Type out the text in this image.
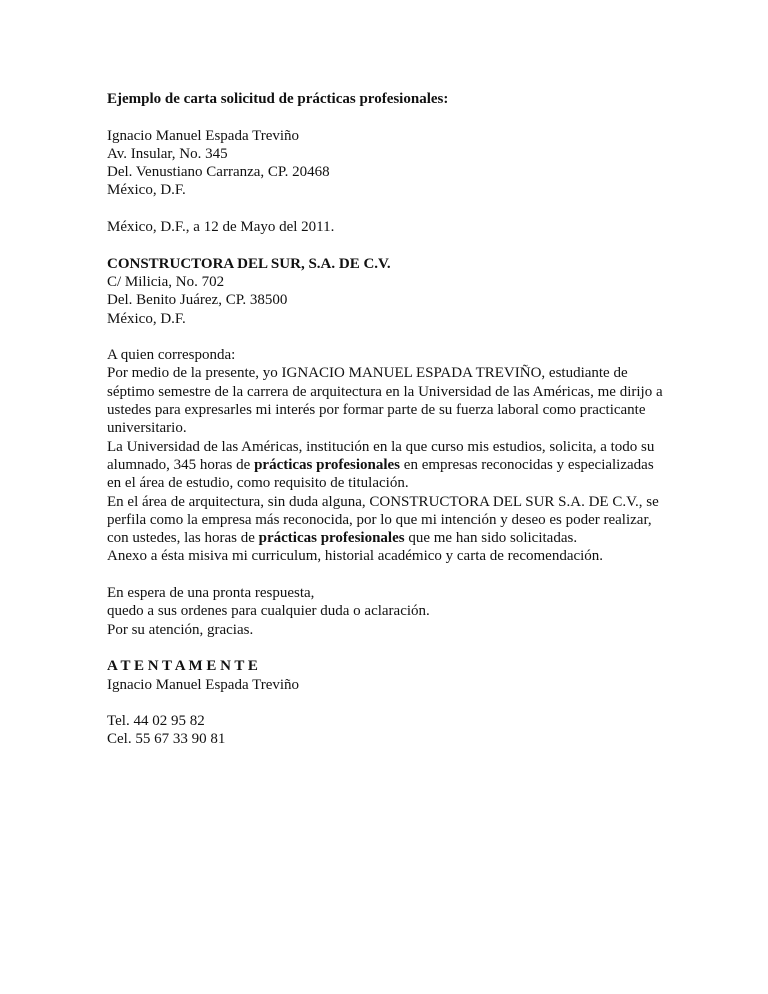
Ejemplo de carta solicitud de prácticas profesionales:

Ignacio Manuel Espada Treviño
Av. Insular, No. 345
Del. Venustiano Carranza, CP. 20468
México, D.F.

México, D.F., a 12 de Mayo del 2011.

CONSTRUCTORA DEL SUR, S.A. DE C.V.
C/ Milicia, No. 702
Del. Benito Juárez, CP. 38500
México, D.F.

A quien corresponda:

Por medio de la presente, yo IGNACIO MANUEL ESPADA TREVIÑO, estudiante de séptimo semestre de la carrera de arquitectura en la Universidad de las Américas, me dirijo a ustedes para expresarles mi interés por formar parte de su fuerza laboral como practicante universitario.

La Universidad de las Américas, institución en la que curso mis estudios, solicita, a todo su alumnado, 345 horas de prácticas profesionales en empresas reconocidas y especializadas en el área de estudio, como requisito de titulación.

En el área de arquitectura, sin duda alguna, CONSTRUCTORA DEL SUR S.A. DE C.V., se perfila como la empresa más reconocida, por lo que mi intención y deseo es poder realizar, con ustedes, las horas de prácticas profesionales que me han sido solicitadas.

Anexo a ésta misiva mi curriculum, historial académico y carta de recomendación.

En espera de una pronta respuesta,
quedo a sus ordenes para cualquier duda o aclaración.
Por su atención, gracias.
A T E N T A M E N T E
Ignacio Manuel Espada Treviño
Tel. 44 02 95 82
Cel. 55 67 33 90 81
